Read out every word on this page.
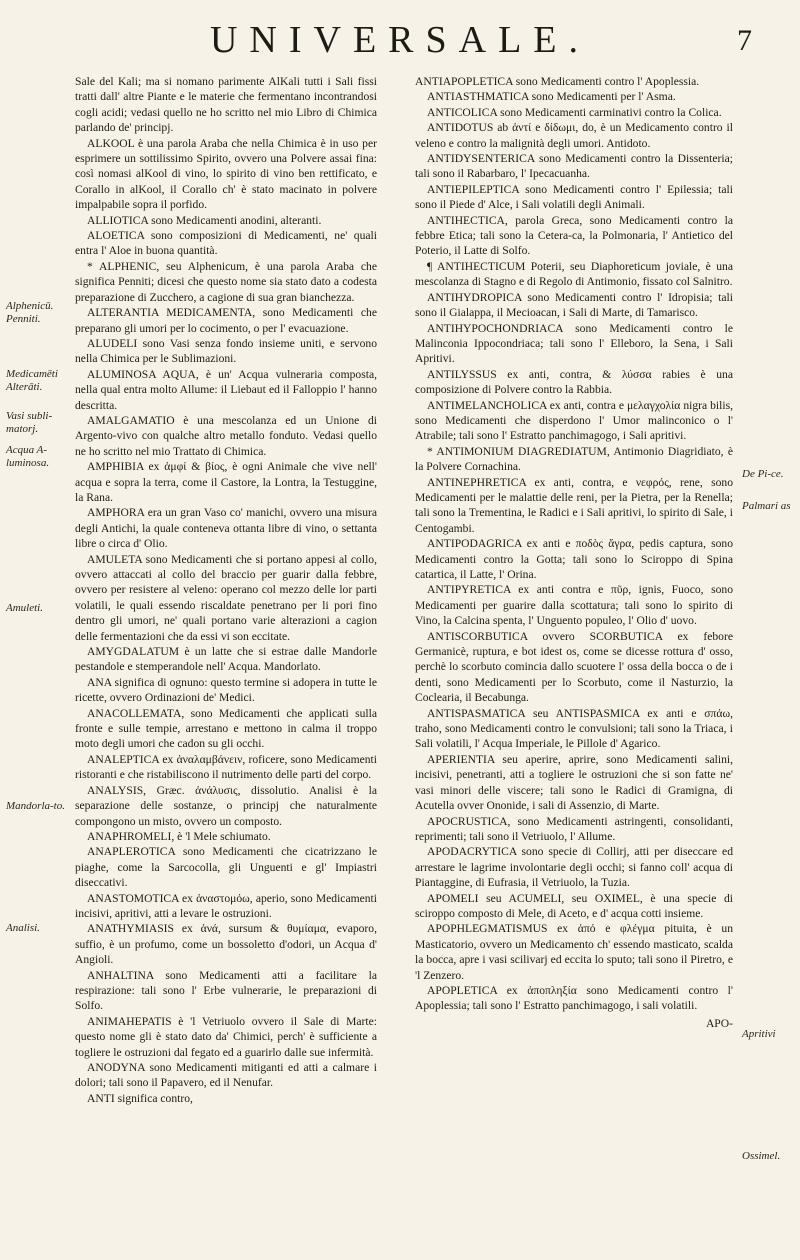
UNIVERSALE.	7

Sale del Kali; ma si nomano parimente AlKali tutti i Sali fissi tratti dall' altre Piante e le materie che fermentano incontrandosi cogli acidi; vedasi quello ne ho scritto nel mio Libro di Chimica parlando de' principj.

ALKOOL è una parola Araba che nella Chimica è in uso per esprimere un sottilissimo Spirito, ovvero una Polvere assai fina: così nomasi alKool di vino, lo spirito di vino ben rettificato, e Corallo in alKool, il Corallo ch' è stato macinato in polvere impalpabile sopra il porfido.

ALLIOTICA sono Medicamenti anodini, alteranti.

ALOETICA sono composizioni di Medicamenti, ne' quali entra l' Aloe in buona quantità.

* ALPHENIC, seu Alphenicum, è una parola Araba che significa Penniti; dicesi che questo nome sia stato dato a codesta preparazione di Zucchero, a cagione di sua gran bianchezza.

ALTERANTIA MEDICAMENTA, sono Medicamenti che preparano gli umori per lo cocimento, o per l' evacuazione.

ALUDELI sono Vasi senza fondo insieme uniti, e servono nella Chimica per le Sublimazioni.

ALUMINOSA AQUA, è un' Acqua vulneraria composta, nella qual entra molto Allume: il Liebaut ed il Falloppio l' hanno descritta.

AMALGAMATIO è una mescolanza ed un Unione di Argento-vivo con qualche altro metallo fonduto. Vedasi quello ne ho scritto nel mio Trattato di Chimica.

AMPHIBIA ex ἀμφί & βίος, è ogni Animale che vive nell' acqua e sopra la terra, come il Castore, la Lontra, la Testuggine, la Rana.

AMPHORA era un gran Vaso co' manichi, ovvero una misura degli Antichi, la quale conteneva ottanta libre di vino, o settanta libre o circa d' Olio.

AMULETA sono Medicamenti che si portano appesi al collo, ovvero attaccati al collo del braccio per guarir dalla febbre, ovvero per resistere al veleno: operano col mezzo delle lor parti volatili, le quali essendo riscaldate penetrano per li pori fino dentro gli umori, ne' quali portano varie alterazioni a cagion delle fermentazioni che da essi vi son eccitate.

AMYGDALATUM è un latte che si estrae dalle Mandorle pestandole e stemperandole nell' Acqua. Mandorlato.

ANA significa di ognuno: questo termine si adopera in tutte le ricette, ovvero Ordinazioni de' Medici.

ANACOLLEMATA, sono Medicamenti che applicati sulla fronte e sulle tempie, arrestano e mettono in calma il troppo moto degli umori che cadon su gli occhi.

ANALEPTICA ex ἀναλαμβάνειν, roficere, sono Medicamenti ristoranti e che ristabiliscono il nutrimento delle parti del corpo.

ANALYSIS, Græc. ἀνάλυσις, dissolutio. Analisi è la separazione delle sostanze, o principj che naturalmente compongono un misto, ovvero un composto.

ANAPHROMELI, è 'l Mele schiumato.

ANAPLEROTICA sono Medicamenti che cicatrizzano le piaghe, come la Sarcocolla, gli Unguenti e gl' Impiastri diseccativi.

ANASTOMOTICA ex ἀναστομόω, aperio, sono Medicamenti incisivi, apritivi, atti a levare le ostruzioni.

ANATHYMIASIS ex ἀνά, sursum & θυμίαμα, evaporo, suffio, è un profumo, come un bossoletto d'odori, un Acqua d' Angioli.

ANHALTINA sono Medicamenti atti a facilitare la respirazione: tali sono l' Erbe vulnerarie, le preparazioni di Solfo.

ANIMAHEPATIS è 'l Vetriuolo ovvero il Sale di Marte: questo nome gli è stato dato da' Chimici, perch' è sufficiente a togliere le ostruzioni dal fegato ed a guarirlo dalle sue infermità.

ANODYNA sono Medicamenti mitiganti ed atti a calmare i dolori; tali sono il Papavero, ed il Nenufar.

ANTI significa contro,

Alphenicū. Penniti.
Medicamēti Alterāti.
Vasi subli-matorj.
Acqua A-luminosa.
Amuleti.
Mandorla-to.
Analisi.

ANTIAPOPLETICA sono Medicamenti contro l' Apoplessia.

ANTIASTHMATICA sono Medicamenti per l' Asma.

ANTICOLICA sono Medicamenti carminativi contro la Colica.

ANTIDOTUS ab ἀντί e δίδωμι, do, è un Medicamento contro il veleno e contro la malignità degli umori. Antidoto.

ANTIDYSENTERICA sono Medicamenti contro la Dissenteria; tali sono il Rabarbaro, l' Ipecacuanha.

ANTIEPILEPTICA sono Medicamenti contro l' Epilessia; tali sono il Piede d' Alce, i Sali volatili degli Animali.

ANTIHECTICA, parola Greca, sono Medicamenti contro la febbre Etica; tali sono la Cetera-ca, la Polmonaria, l' Antietico del Poterio, il Latte di Solfo.

¶ ANTIHECTICUM Poterii, seu Diaphoreticum joviale, è una mescolanza di Stagno e di Regolo di Antimonio, fissato col Salnitro.

ANTIHYDROPICA sono Medicamenti contro l' Idropisia; tali sono il Gialappa, il Mecioacan, i Sali di Marte, di Tamarisco.

ANTIHYPOCHONDRIACA sono Medicamenti contro le Malinconia Ippocondriaca; tali sono l' Elleboro, la Sena, i Sali Apritivi.

ANTILYSSUS ex anti, contra, & λύσσα rabies è una composizione di Polvere contro la Rabbia.

ANTIMELANCHOLICA ex anti, contra e μελαγχολία nigra bilis, sono Medicamenti che disperdono l' Umor malinconico o l' Atrabile; tali sono l' Estratto panchimagogo, i Sali apritivi.

* ANTIMONIUM DIAGREDIATUM, Antimonio Diagridiato, è la Polvere Cornachina.

ANTINEPHRETICA ex anti, contra, e νεφρός, rene, sono Medicamenti per le malattie delle reni, per la Pietra, per la Renella; tali sono la Trementina, le Radici e i Sali apritivi, lo spirito di Sale, i Centogambi.

ANTIPODAGRICA ex anti e ποδὸς ἄγρα, pedis captura, sono Medicamenti contro la Gotta; tali sono lo Sciroppo di Spina catartica, il Latte, l' Orina.

ANTIPYRETICA ex anti contra e πῦρ, ignis, Fuoco, sono Medicamenti per guarire dalla scottatura; tali sono lo spirito di Vino, la Calcina spenta, l' Unguento populeo, l' Olio d' uovo.

ANTISCORBUTICA ovvero SCORBUTICA ex febore Germanicè, ruptura, e bot idest os, come se dicesse rottura d' osso, perchè lo scorbuto comincia dallo scuotere l' ossa della bocca o de i denti, sono Medicamenti per lo Scorbuto, come il Nasturzio, la Coclearia, il Becabunga.

ANTISPASMATICA seu ANTISPASMICA ex anti e σπάω, traho, sono Medicamenti contro le convulsioni; tali sono la Triaca, i Sali volatili, l' Acqua Imperiale, le Pillole d' Agarico.

APERIENTIA seu aperire, aprire, sono Medicamenti salini, incisivi, penetranti, atti a togliere le ostruzioni che si son fatte ne' vasi minori delle viscere; tali sono le Radici di Gramigna, di Acutella ovver Ononide, i sali di Assenzio, di Marte.

APOCRUSTICA, sono Medicamenti astringenti, consolidanti, reprimenti; tali sono il Vetriuolo, l' Allume.

APODACRYTICA sono specie di Collirj, atti per diseccare ed arrestare le lagrime involontarie degli occhi; si fanno coll' acqua di Piantaggine, di Eufrasia, il Vetriuolo, la Tuzia.

APOMELI seu ACUMELI, seu OXIMEL, è una specie di sciroppo composto di Mele, di Aceto, e d' acqua cotti insieme.

APOPHLEGMATISMUS ex ἀπό e φλέγμα pituita, è un Masticatorio, ovvero un Medicamento ch' essendo masticato, scalda la bocca, apre i vasi scilivarj ed eccita lo sputo; tali sono il Piretro, e 'l Zenzero.

APOPLETICA ex ἀποπληξία sono Medicamenti contro l' Apoplessia; tali sono l' Estratto panchimagogo, i sali volatili.

APO-

De Pi-ce.
Palmari as
Apritivi
Ossimel.
